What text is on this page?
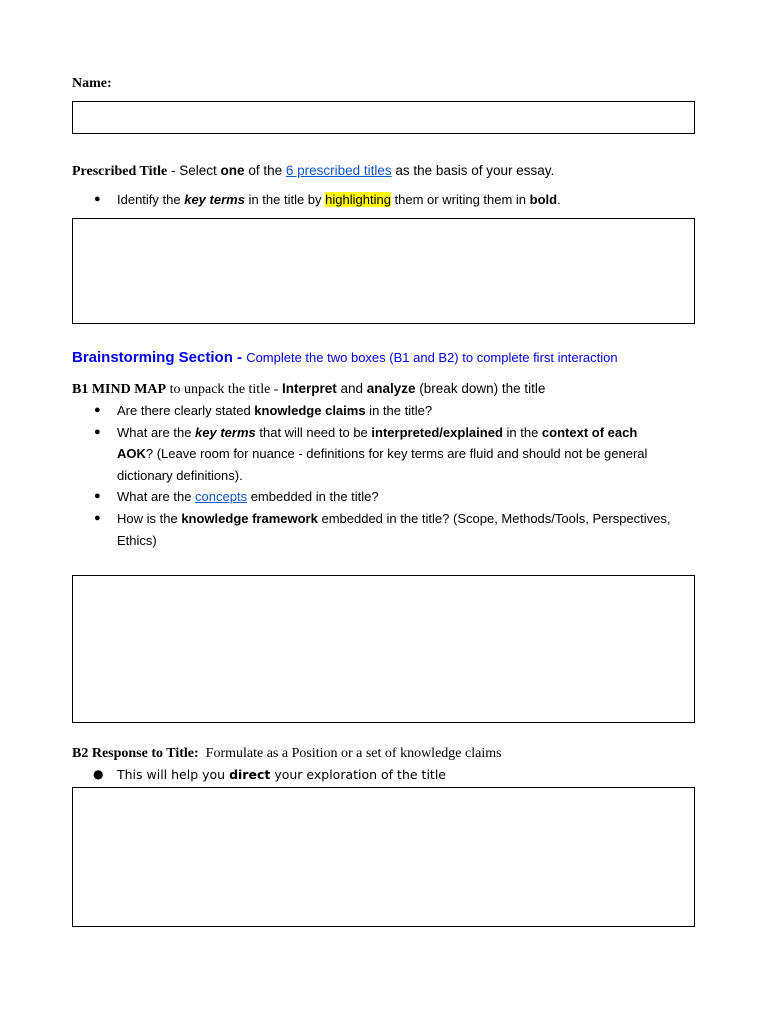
Name:
Prescribed Title - Select one of the 6 prescribed titles as the basis of your essay.
● Identify the key terms in the title by highlighting them or writing them in bold.
Brainstorming Section - Complete the two boxes (B1 and B2) to complete first interaction
B1 MIND MAP to unpack the title - Interpret and analyze (break down) the title
● Are there clearly stated knowledge claims in the title?
● What are the key terms that will need to be interpreted/explained in the context of each AOK? (Leave room for nuance - definitions for key terms are fluid and should not be general dictionary definitions).
● What are the concepts embedded in the title?
● How is the knowledge framework embedded in the title? (Scope, Methods/Tools, Perspectives, Ethics)
B2 Response to Title:  Formulate as a Position or a set of knowledge claims
● This will help you direct your exploration of the title
